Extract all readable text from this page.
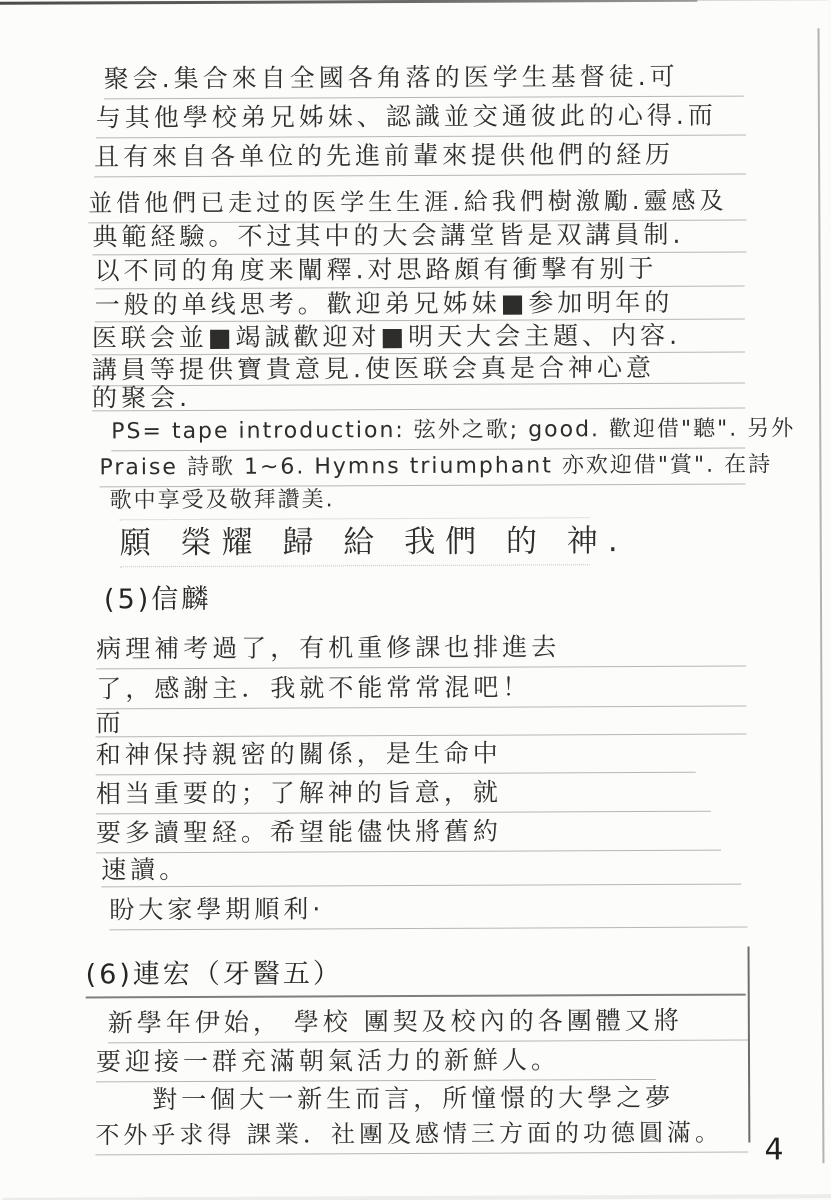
聚会.集合來自全國各角落的医学生基督徒.可
与其他學校弟兄姊妹、認識並交通彼此的心得.而
且有來自各单位的先進前輩來提供他們的経历
並借他們已走过的医学生生涯.給我們樹激勵.靈感及
典範経驗。不过其中的大会講堂皆是双講員制.
以不同的角度来闡釋.对思路頗有衝撃有别于
一般的单线思考。歡迎弟兄姊妹■参加明年的
医联会並■竭誠歡迎对■明天大会主題、内容.
講員等提供寶貴意見.使医联会真是合神心意
的聚会.
PS= tape introduction: 弦外之歌; good. 歡迎借"聽". 另外
Praise 詩歌 1~6. Hymns triumphant 亦欢迎借"賞". 在詩
歌中享受及敬拜讚美.
願 榮耀 歸 給 我們 的 神.
(5)信麟
病理補考過了，有机重修課也排進去
了，感謝主．我就不能常常混吧！
而
和神保持親密的關係，是生命中
相当重要的；了解神的旨意，就
要多讀聖経。希望能儘快將舊約
速讀。
盼大家學期順利·
(6)連宏（牙醫五）
新學年伊始， 學校 團契及校內的各團體又將
要迎接一群充滿朝氣活力的新鮮人。
對一個大一新生而言，所憧憬的大學之夢
不外乎求得 課業．社團及感情三方面的功德圓滿。	4
